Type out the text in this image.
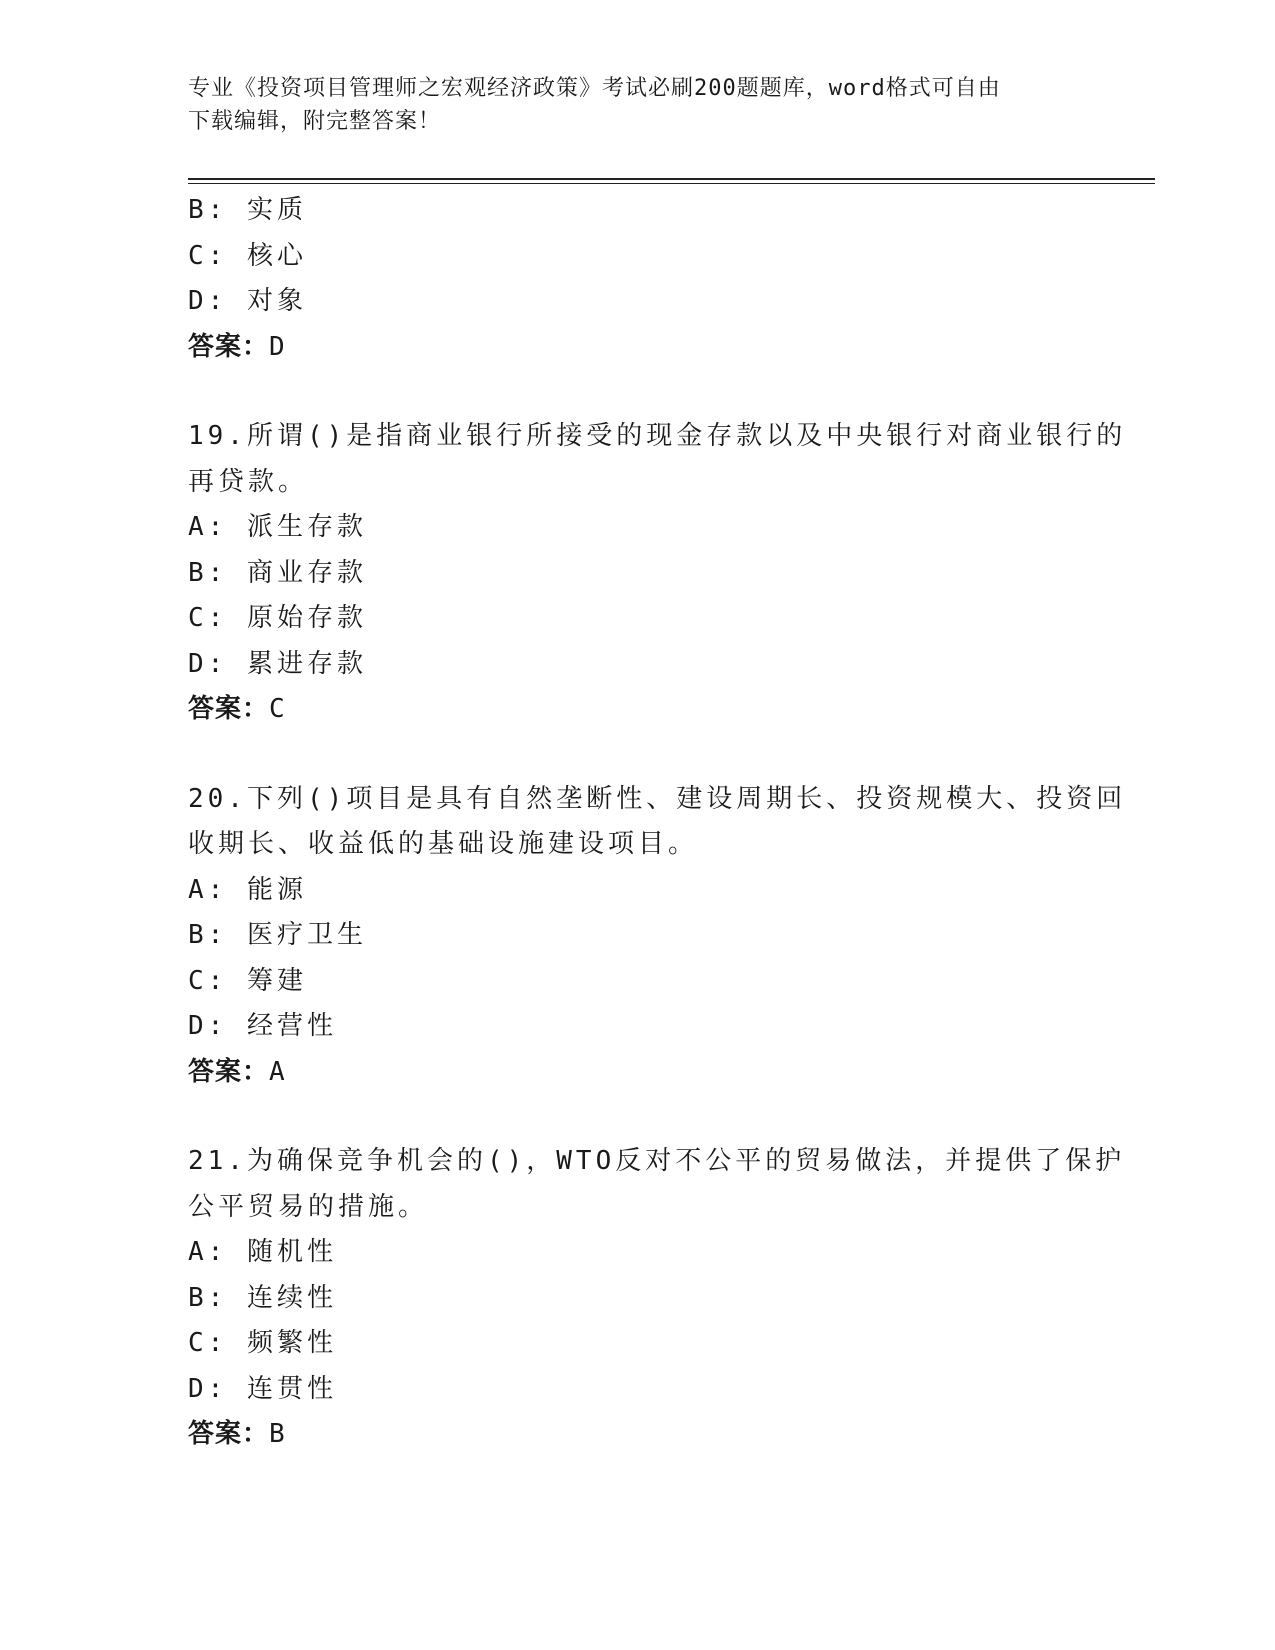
专业《投资项目管理师之宏观经济政策》考试必刷200题题库，word格式可自由
下载编辑，附完整答案！
B: 实质
C: 核心
D: 对象
答案：D
19.所谓()是指商业银行所接受的现金存款以及中央银行对商业银行的
再贷款。
A: 派生存款
B: 商业存款
C: 原始存款
D: 累进存款
答案：C
20.下列()项目是具有自然垄断性、建设周期长、投资规模大、投资回
收期长、收益低的基础设施建设项目。
A: 能源
B: 医疗卫生
C: 筹建
D: 经营性
答案：A
21.为确保竞争机会的()，WTO反对不公平的贸易做法，并提供了保护
公平贸易的措施。
A: 随机性
B: 连续性
C: 频繁性
D: 连贯性
答案：B
